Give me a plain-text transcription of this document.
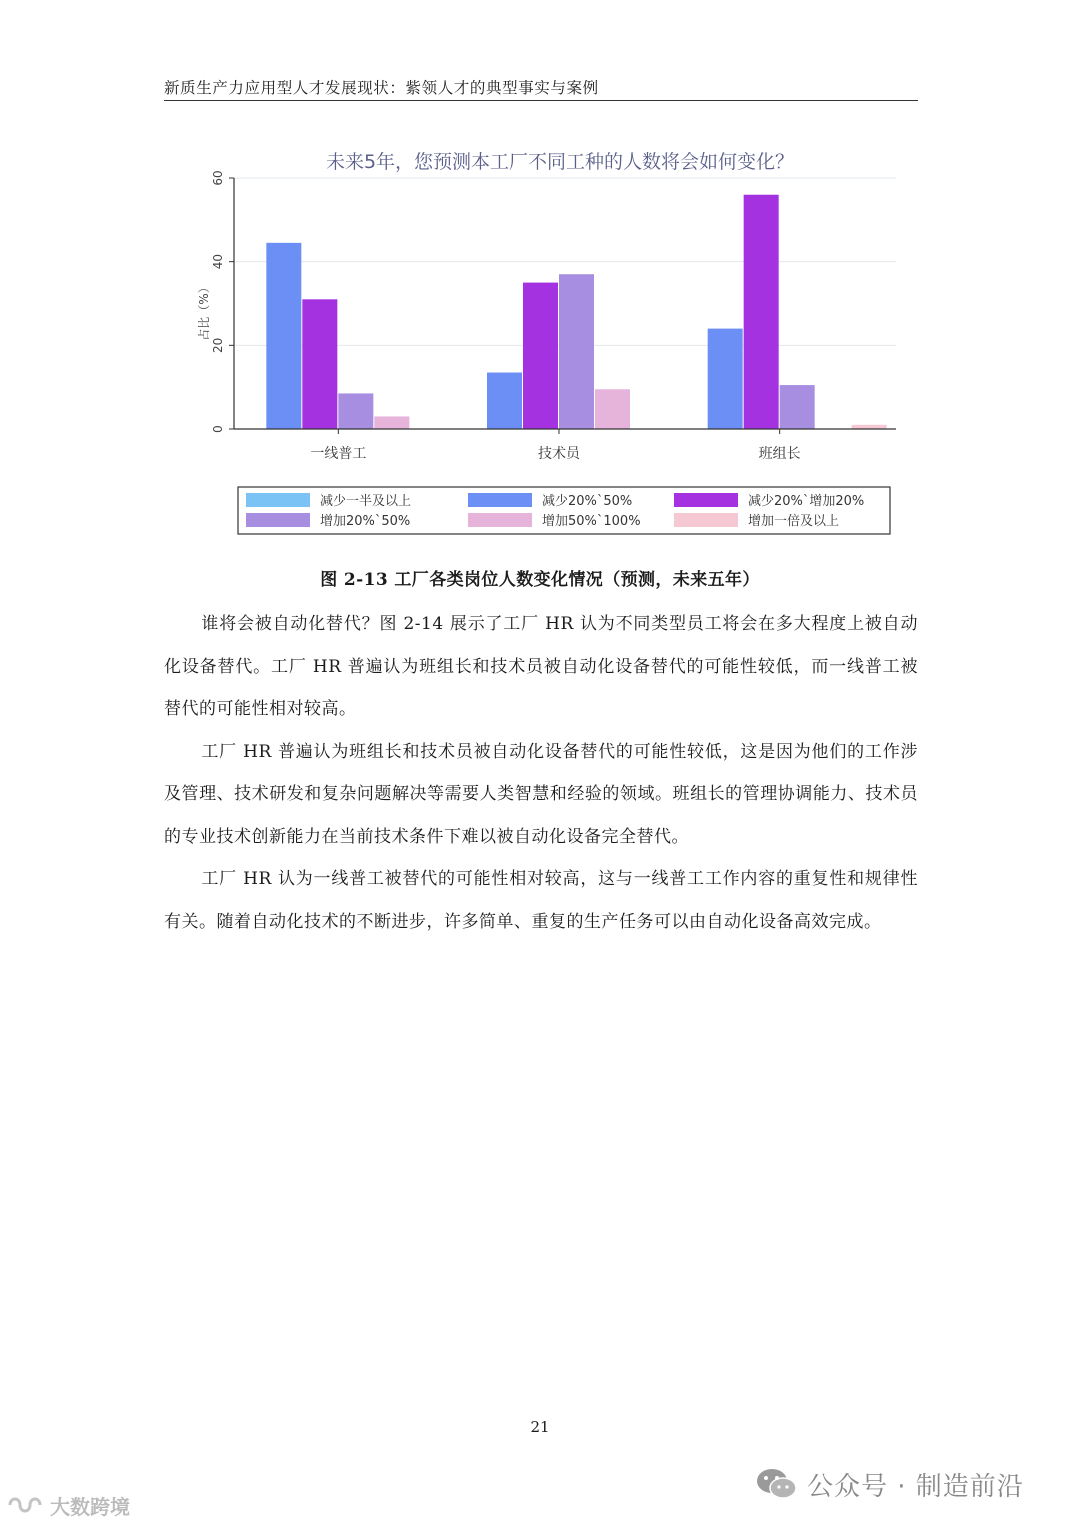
新质生产力应用型人才发展现状：紫领人才的典型事实与案例
未来5年，您预测本工厂不同工种的人数将会如何变化？
占比（%）
0
20
40
60
一线普工	技术员	班组长
减少一半及以上	减少20%`50%	减少20%`增加20%
增加20%`50%	增加50%`100%	增加一倍及以上
图 2-13 工厂各类岗位人数变化情况（预测，未来五年）

谁将会被自动化替代？图 2-14 展示了工厂 HR 认为不同类型员工将会在多大程度上被自动化设备替代。工厂 HR 普遍认为班组长和技术员被自动化设备替代的可能性较低，而一线普工被替代的可能性相对较高。

工厂 HR 普遍认为班组长和技术员被自动化设备替代的可能性较低，这是因为他们的工作涉及管理、技术研发和复杂问题解决等需要人类智慧和经验的领域。班组长的管理协调能力、技术员的专业技术创新能力在当前技术条件下难以被自动化设备完全替代。

工厂 HR 认为一线普工被替代的可能性相对较高，这与一线普工工作内容的重复性和规律性有关。随着自动化技术的不断进步，许多简单、重复的生产任务可以由自动化设备高效完成。

21
公众号 · 制造前沿
大数跨境
